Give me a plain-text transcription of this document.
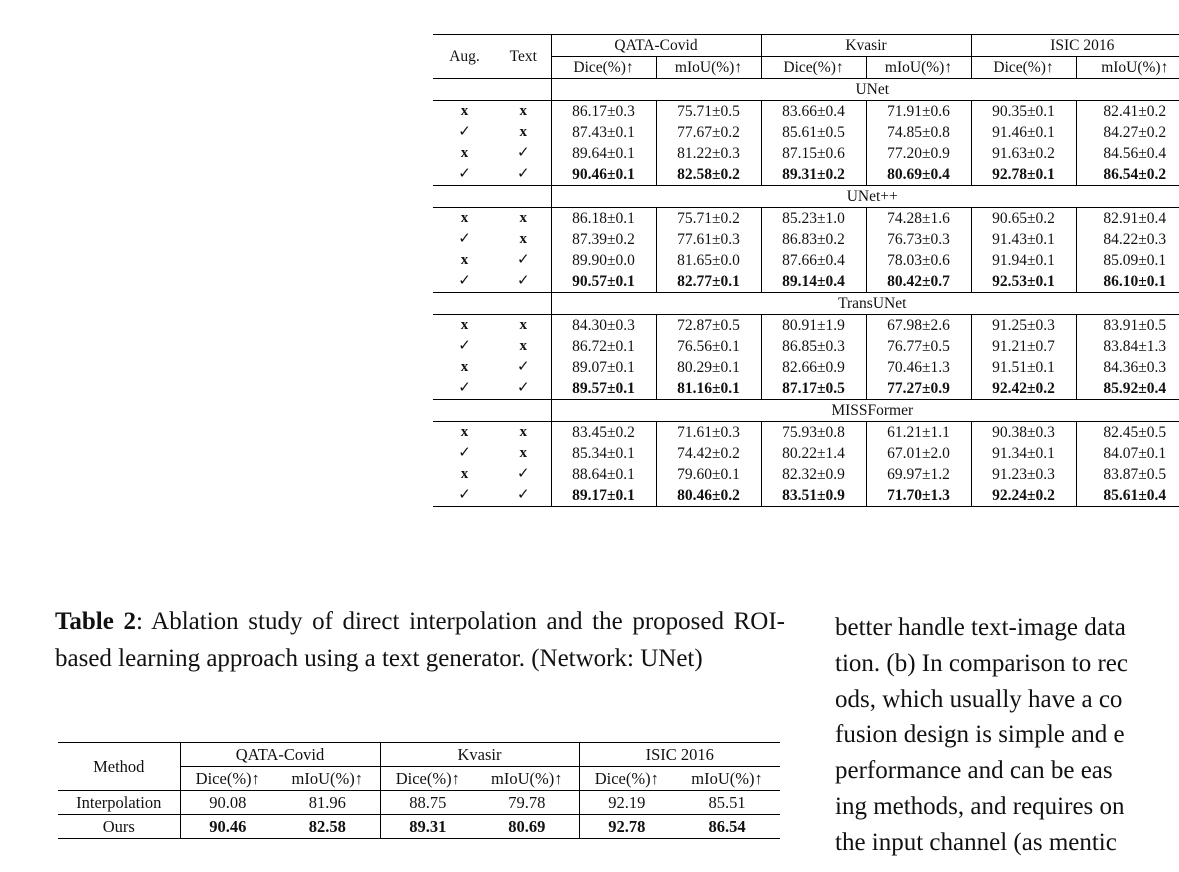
Aug.	Text	QATA-Covid		Kvasir		ISIC 2016	
		Dice(%)↑	mIoU(%)↑	Dice(%)↑	mIoU(%)↑	Dice(%)↑	mIoU(%)↑
		UNet					
x	x	86.17±0.3	75.71±0.5	83.66±0.4	71.91±0.6	90.35±0.1	82.41±0.2
✓	x	87.43±0.1	77.67±0.2	85.61±0.5	74.85±0.8	91.46±0.1	84.27±0.2
x	✓	89.64±0.1	81.22±0.3	87.15±0.6	77.20±0.9	91.63±0.2	84.56±0.4
✓	✓	90.46±0.1	82.58±0.2	89.31±0.2	80.69±0.4	92.78±0.1	86.54±0.2
		UNet++					
x	x	86.18±0.1	75.71±0.2	85.23±1.0	74.28±1.6	90.65±0.2	82.91±0.4
✓	x	87.39±0.2	77.61±0.3	86.83±0.2	76.73±0.3	91.43±0.1	84.22±0.3
x	✓	89.90±0.0	81.65±0.0	87.66±0.4	78.03±0.6	91.94±0.1	85.09±0.1
✓	✓	90.57±0.1	82.77±0.1	89.14±0.4	80.42±0.7	92.53±0.1	86.10±0.1
		TransUNet					
x	x	84.30±0.3	72.87±0.5	80.91±1.9	67.98±2.6	91.25±0.3	83.91±0.5
✓	x	86.72±0.1	76.56±0.1	86.85±0.3	76.77±0.5	91.21±0.7	83.84±1.3
x	✓	89.07±0.1	80.29±0.1	82.66±0.9	70.46±1.3	91.51±0.1	84.36±0.3
✓	✓	89.57±0.1	81.16±0.1	87.17±0.5	77.27±0.9	92.42±0.2	85.92±0.4
		MISSFormer					
x	x	83.45±0.2	71.61±0.3	75.93±0.8	61.21±1.1	90.38±0.3	82.45±0.5
✓	x	85.34±0.1	74.42±0.2	80.22±1.4	67.01±2.0	91.34±0.1	84.07±0.1
x	✓	88.64±0.1	79.60±0.1	82.32±0.9	69.97±1.2	91.23±0.3	83.87±0.5
✓	✓	89.17±0.1	80.46±0.2	83.51±0.9	71.70±1.3	92.24±0.2	85.61±0.4
Table 2: Ablation study of direct interpolation and the proposed ROI-based learning approach using a text generator. (Network: UNet)
Method	QATA-Covid		Kvasir		ISIC 2016	
	Dice(%)↑	mIoU(%)↑	Dice(%)↑	mIoU(%)↑	Dice(%)↑	mIoU(%)↑
Interpolation	90.08	81.96	88.75	79.78	92.19	85.51
Ours	90.46	82.58	89.31	80.69	92.78	86.54
better handle text-image data
tion. (b) In comparison to rec
ods, which usually have a co
fusion design is simple and e
performance and can be eas
ing methods, and requires on
the input channel (as mentic
